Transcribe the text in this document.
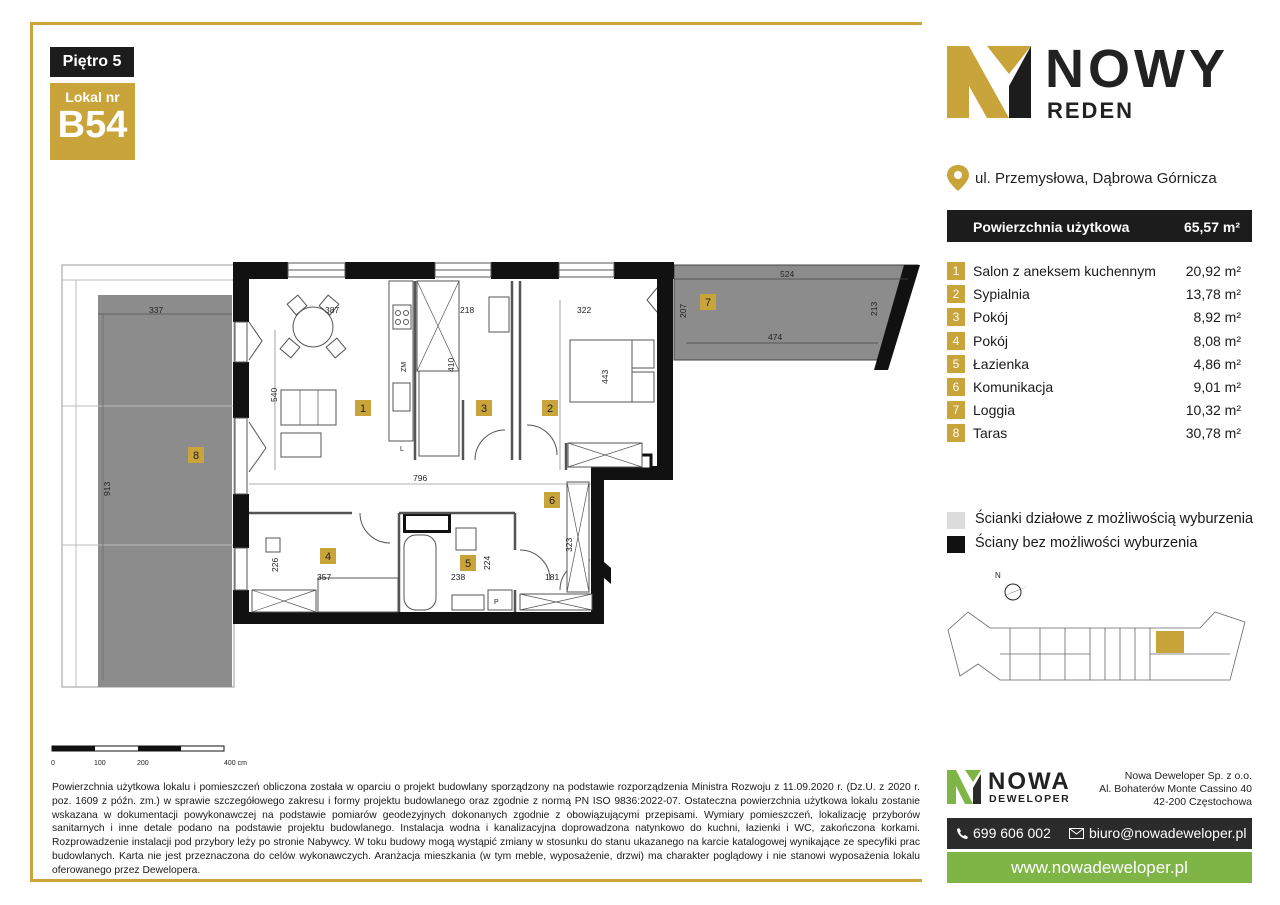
Piętro 5
Lokal nr
B54
337	387	218	322
524
474
207	213
540
410
443
796
913
323
226
357	238
224
181
ZM
L
P
8
1	3	2
6
4
5
7
0	100	200	400 cm
Powierzchnia użytkowa lokalu i pomieszczeń obliczona została w oparciu o projekt budowlany sporządzony na podstawie rozporządzenia Ministra Rozwoju z 11.09.2020 r. (Dz.U. z 2020 r. poz. 1609 z późn. zm.) w sprawie szczegółowego zakresu i formy projektu budowlanego oraz zgodnie z normą PN ISO 9836:2022-07. Ostateczna powierzchnia użytkowa lokalu zostanie wskazana w dokumentacji powykonawczej na podstawie pomiarów geodezyjnych dokonanych zgodnie z obowiązującymi przepisami. Wymiary pomieszczeń, lokalizację przyborów sanitarnych i inne detale podano na podstawie projektu budowlanego. Instalacja wodna i kanalizacyjna doprowadzona natynkowo do kuchni, łazienki i WC, zakończona korkami. Rozprowadzenie instalacji pod przybory leży po stronie Nabywcy. W toku budowy mogą wystąpić zmiany w stosunku do stanu ukazanego na karcie katalogowej wynikające ze specyfiki prac budowlanych. Karta nie jest przeznaczona do celów wykonawczych. Aranżacja mieszkania (w tym meble, wyposażenie, drzwi) ma charakter poglądowy i nie stanowi wyposażenia lokalu oferowanego przez Dewelopera.
NOWY
REDEN
ul. Przemysłowa, Dąbrowa Górnicza
Powierzchnia użytkowa	65,57 m²
1 Salon z aneksem kuchennym 20,92 m²
2 Sypialnia	13,78 m²
3 Pokój	8,92 m²
4 Pokój	8,08 m²
5 Łazienka	4,86 m²
6 Komunikacja	9,01 m²
7 Loggia	10,32 m²
8 Taras	30,78 m²
Ścianki działowe z możliwością wyburzenia
Ściany bez możliwości wyburzenia
N
NOWA
DEWELOPER
Nowa Deweloper Sp. z o.o.
Al. Bohaterów Monte Cassino 40
42-200 Częstochowa
699 606 002	biuro@nowadeweloper.pl
www.nowadeweloper.pl
